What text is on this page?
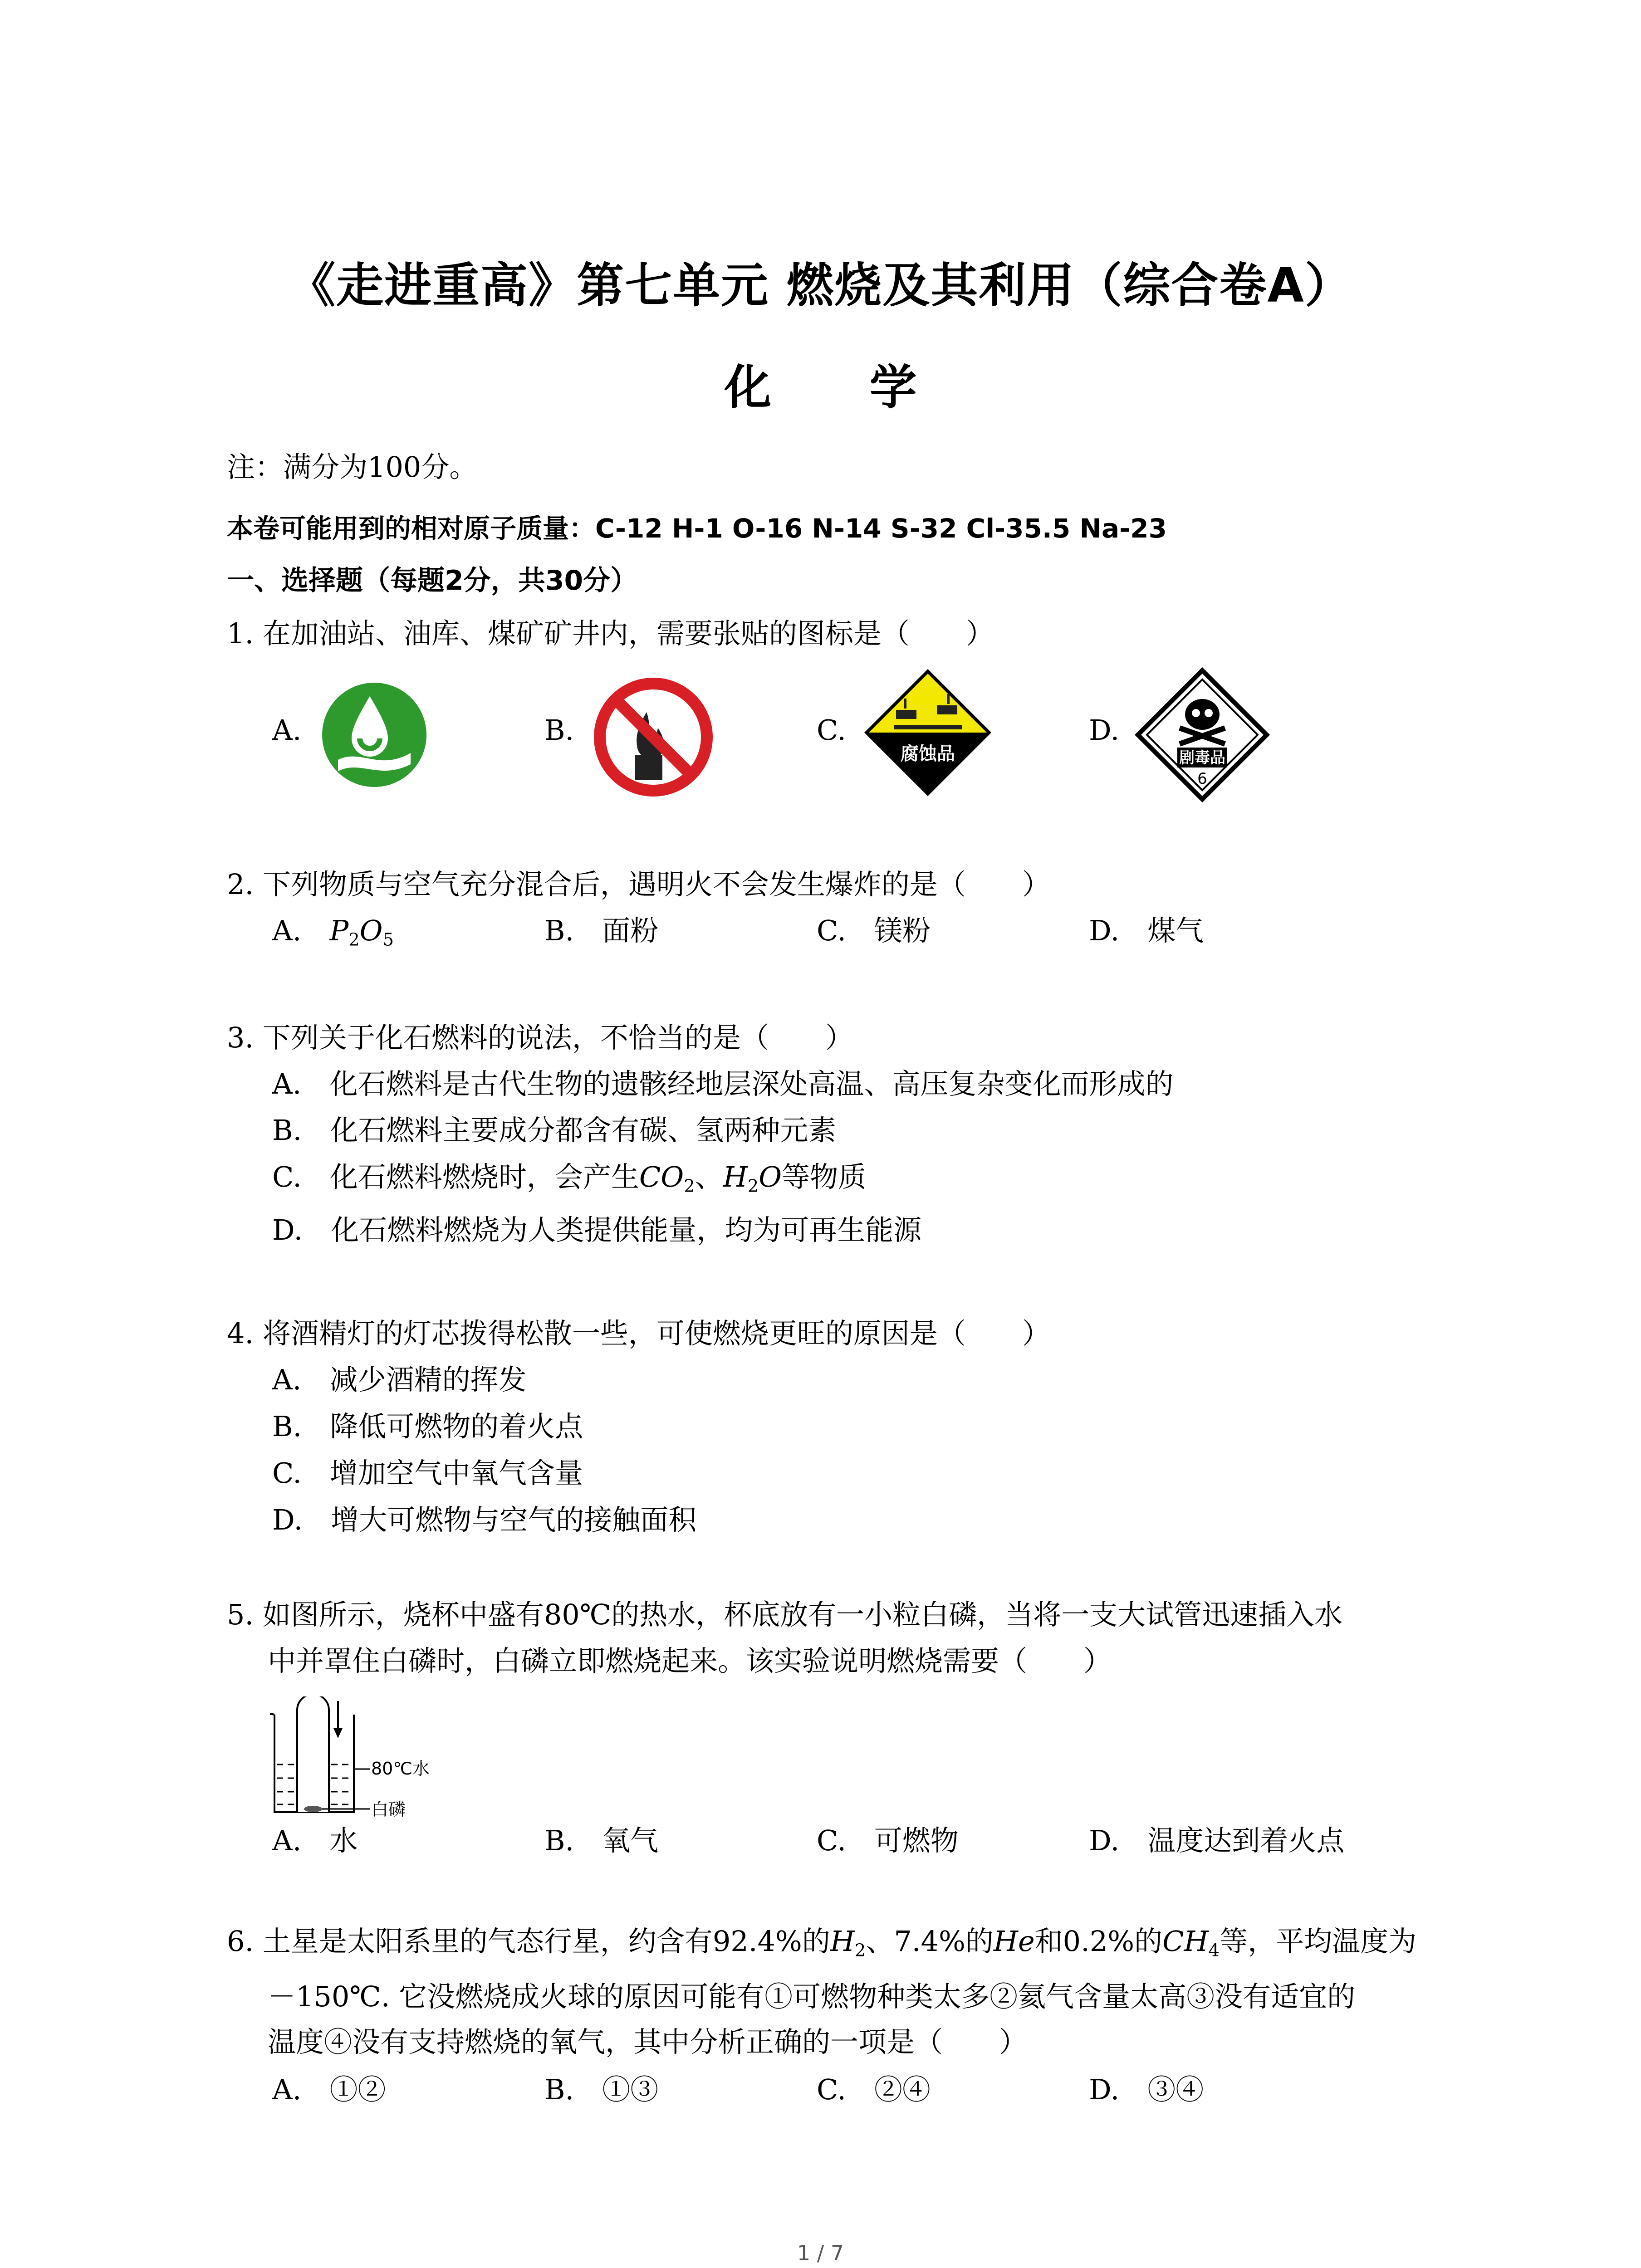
《走进重高》第七单元 燃烧及其利用（综合卷A）
化 学
注：满分为100分。
本卷可能用到的相对原子质量：C-12 H-1 O-16 N-14 S-32 Cl-35.5 Na-23
一、选择题（每题2分，共30分）
1. 在加油站、油库、煤矿矿井内，需要张贴的图标是（　　）
A.	B.	C.	D.
腐蚀品	剧毒品
6
2. 下列物质与空气充分混合后，遇明火不会发生爆炸的是（　　）
A.　 $P_2O_5$	B.　面粉	C.　镁粉	D.　煤气
3. 下列关于化石燃料的说法，不恰当的是（　　）
A.　化石燃料是古代生物的遗骸经地层深处高温、高压复杂变化而形成的
B.　化石燃料主要成分都含有碳、氢两种元素
C.　化石燃料燃烧时，会产生$CO_2$、$H_2O$等物质
D.　化石燃料燃烧为人类提供能量，均为可再生能源
4. 将酒精灯的灯芯拨得松散一些，可使燃烧更旺的原因是（　　）
A.　减少酒精的挥发
B.　降低可燃物的着火点
C.　增加空气中氧气含量
D.　增大可燃物与空气的接触面积
5. 如图所示，烧杯中盛有80℃的热水，杯底放有一小粒白磷，当将一支大试管迅速插入水
中并罩住白磷时，白磷立即燃烧起来。该实验说明燃烧需要（　　）
80℃水
白磷
A.　水	B.　氧气	C.　可燃物	D.　温度达到着火点
6. 土星是太阳系里的气态行星，约含有92.4%的$H_2$、7.4%的He和0.2%的$CH_4$等，平均温度为
－150℃. 它没燃烧成火球的原因可能有①可燃物种类太多②氦气含量太高③没有适宜的
温度④没有支持燃烧的氧气，其中分析正确的一项是（　　）
A.　①②	B.　①③	C.　②④	D.　③④
1 / 7
